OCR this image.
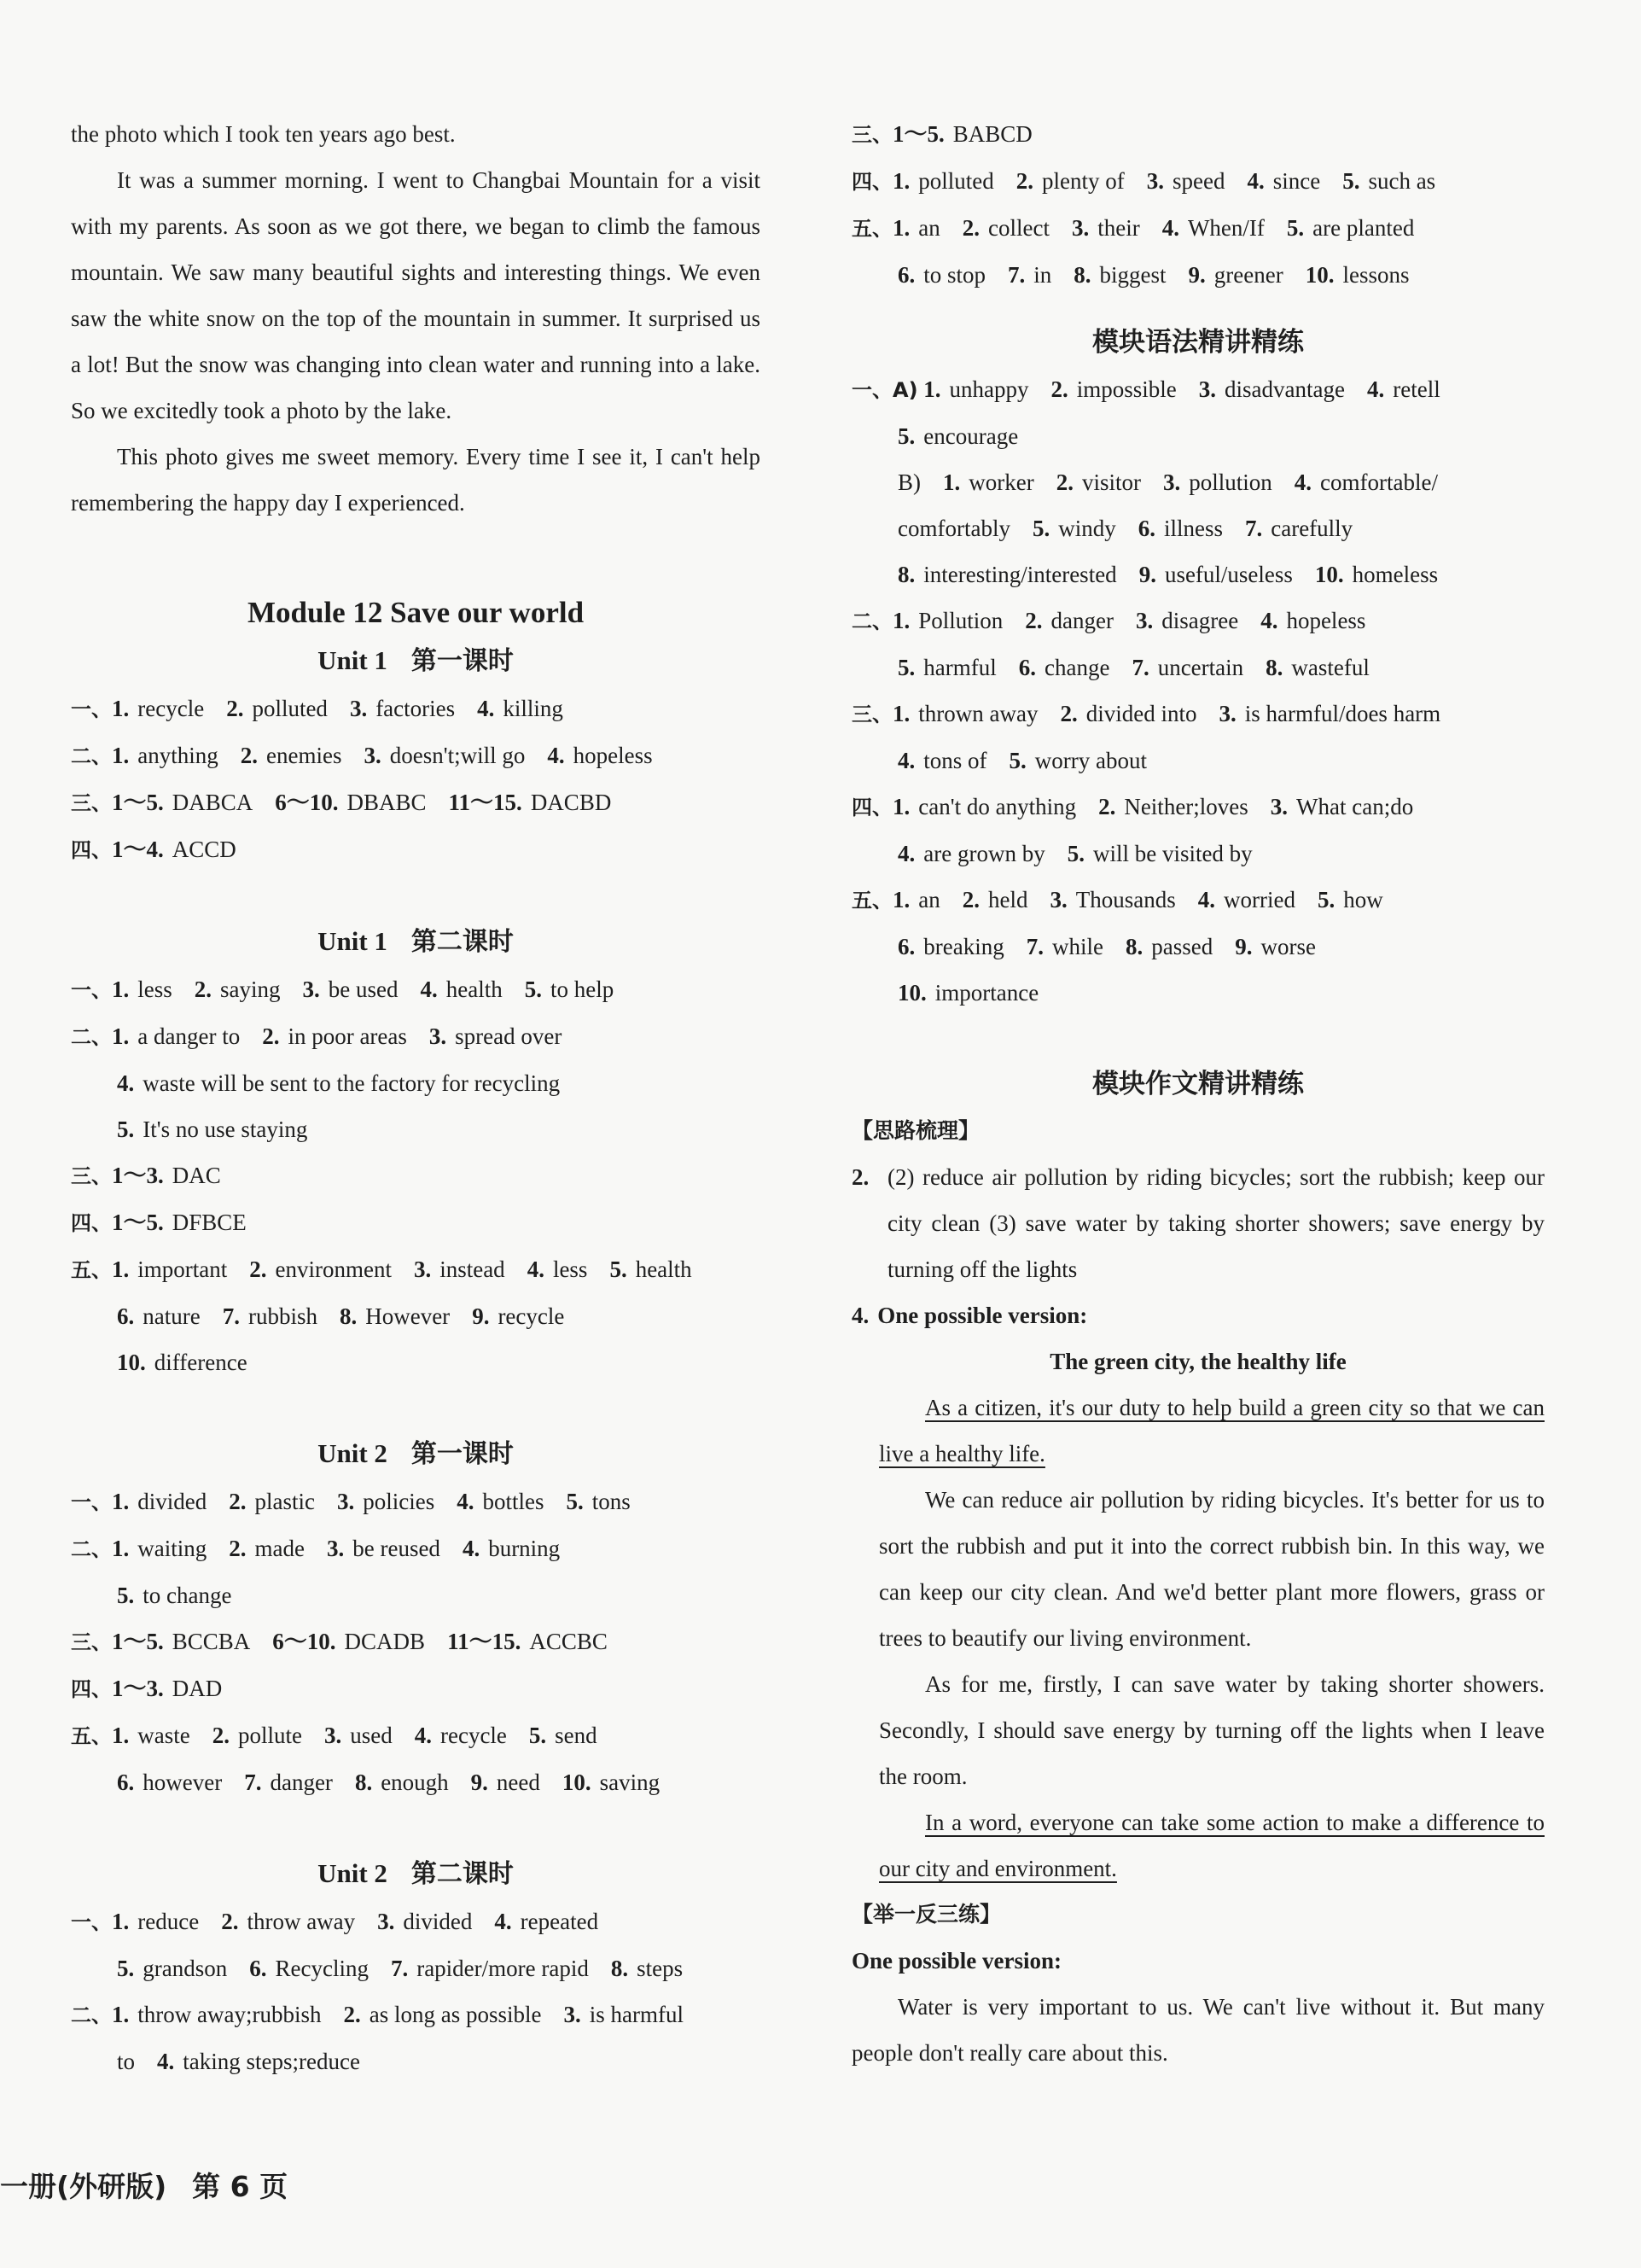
the photo which I took ten years ago best.

It was a summer morning. I went to Changbai Mountain for a visit with my parents. As soon as we got there, we began to climb the famous mountain. We saw many beautiful sights and interesting things. We even saw the white snow on the top of the mountain in summer. It surprised us a lot! But the snow was changing into clean water and running into a lake. So we excitedly took a photo by the lake.

This photo gives me sweet memory. Every time I see it, I can't help remembering the happy day I experienced.

Module 12 Save our world

Unit 1 第一课时

一、1. recycle 2. polluted 3. factories 4. killing

二、1. anything 2. enemies 3. doesn't;will go 4. hopeless

三、1～5. DABCA 6～10. DBABC 11～15. DACBD

四、1～4. ACCD

Unit 1 第二课时

一、1. less 2. saying 3. be used 4. health 5. to help

二、1. a danger to 2. in poor areas 3. spread over

4. waste will be sent to the factory for recycling

5. It's no use staying

三、1～3. DAC

四、1～5. DFBCE

五、1. important 2. environment 3. instead 4. less 5. health

6. nature 7. rubbish 8. However 9. recycle

10. difference

Unit 2 第一课时

一、1. divided 2. plastic 3. policies 4. bottles 5. tons

二、1. waiting 2. made 3. be reused 4. burning

5. to change

三、1～5. BCCBA 6～10. DCADB 11～15. ACCBC

四、1～3. DAD

五、1. waste 2. pollute 3. used 4. recycle 5. send

6. however 7. danger 8. enough 9. need 10. saving

Unit 2 第二课时

一、1. reduce 2. throw away 3. divided 4. repeated

5. grandson 6. Recycling 7. rapider/more rapid 8. steps

二、1. throw away;rubbish 2. as long as possible 3. is harmful

to 4. taking steps;reduce

三、1～5. BABCD

四、1. polluted 2. plenty of 3. speed 4. since 5. such as

五、1. an 2. collect 3. their 4. When/If 5. are planted

6. to stop 7. in 8. biggest 9. greener 10. lessons

模块语法精讲精练

一、A) 1. unhappy 2. impossible 3. disadvantage 4. retell

5. encourage

B) 1. worker 2. visitor 3. pollution 4. comfortable/

comfortably 5. windy 6. illness 7. carefully

8. interesting/interested 9. useful/useless 10. homeless

二、1. Pollution 2. danger 3. disagree 4. hopeless

5. harmful 6. change 7. uncertain 8. wasteful

三、1. thrown away 2. divided into 3. is harmful/does harm

4. tons of 5. worry about

四、1. can't do anything 2. Neither;loves 3. What can;do

4. are grown by 5. will be visited by

五、1. an 2. held 3. Thousands 4. worried 5. how

6. breaking 7. while 8. passed 9. worse

10. importance

模块作文精讲精练

【思路梳理】

2. (2) reduce air pollution by riding bicycles; sort the rubbish; keep our city clean (3) save water by taking shorter showers; save energy by turning off the lights

4. One possible version:

The green city, the healthy life

As a citizen, it's our duty to help build a green city so that we can live a healthy life.

We can reduce air pollution by riding bicycles. It's better for us to sort the rubbish and put it into the correct rubbish bin. In this way, we can keep our city clean. And we'd better plant more flowers, grass or trees to beautify our living environment.

As for me, firstly, I can save water by taking shorter showers. Secondly, I should save energy by turning off the lights when I leave the room.

In a word, everyone can take some action to make a difference to our city and environment.

【举一反三练】

One possible version:

Water is very important to us. We can't live without it. But many people don't really care about this.

一册(外研版) 第 6 页
